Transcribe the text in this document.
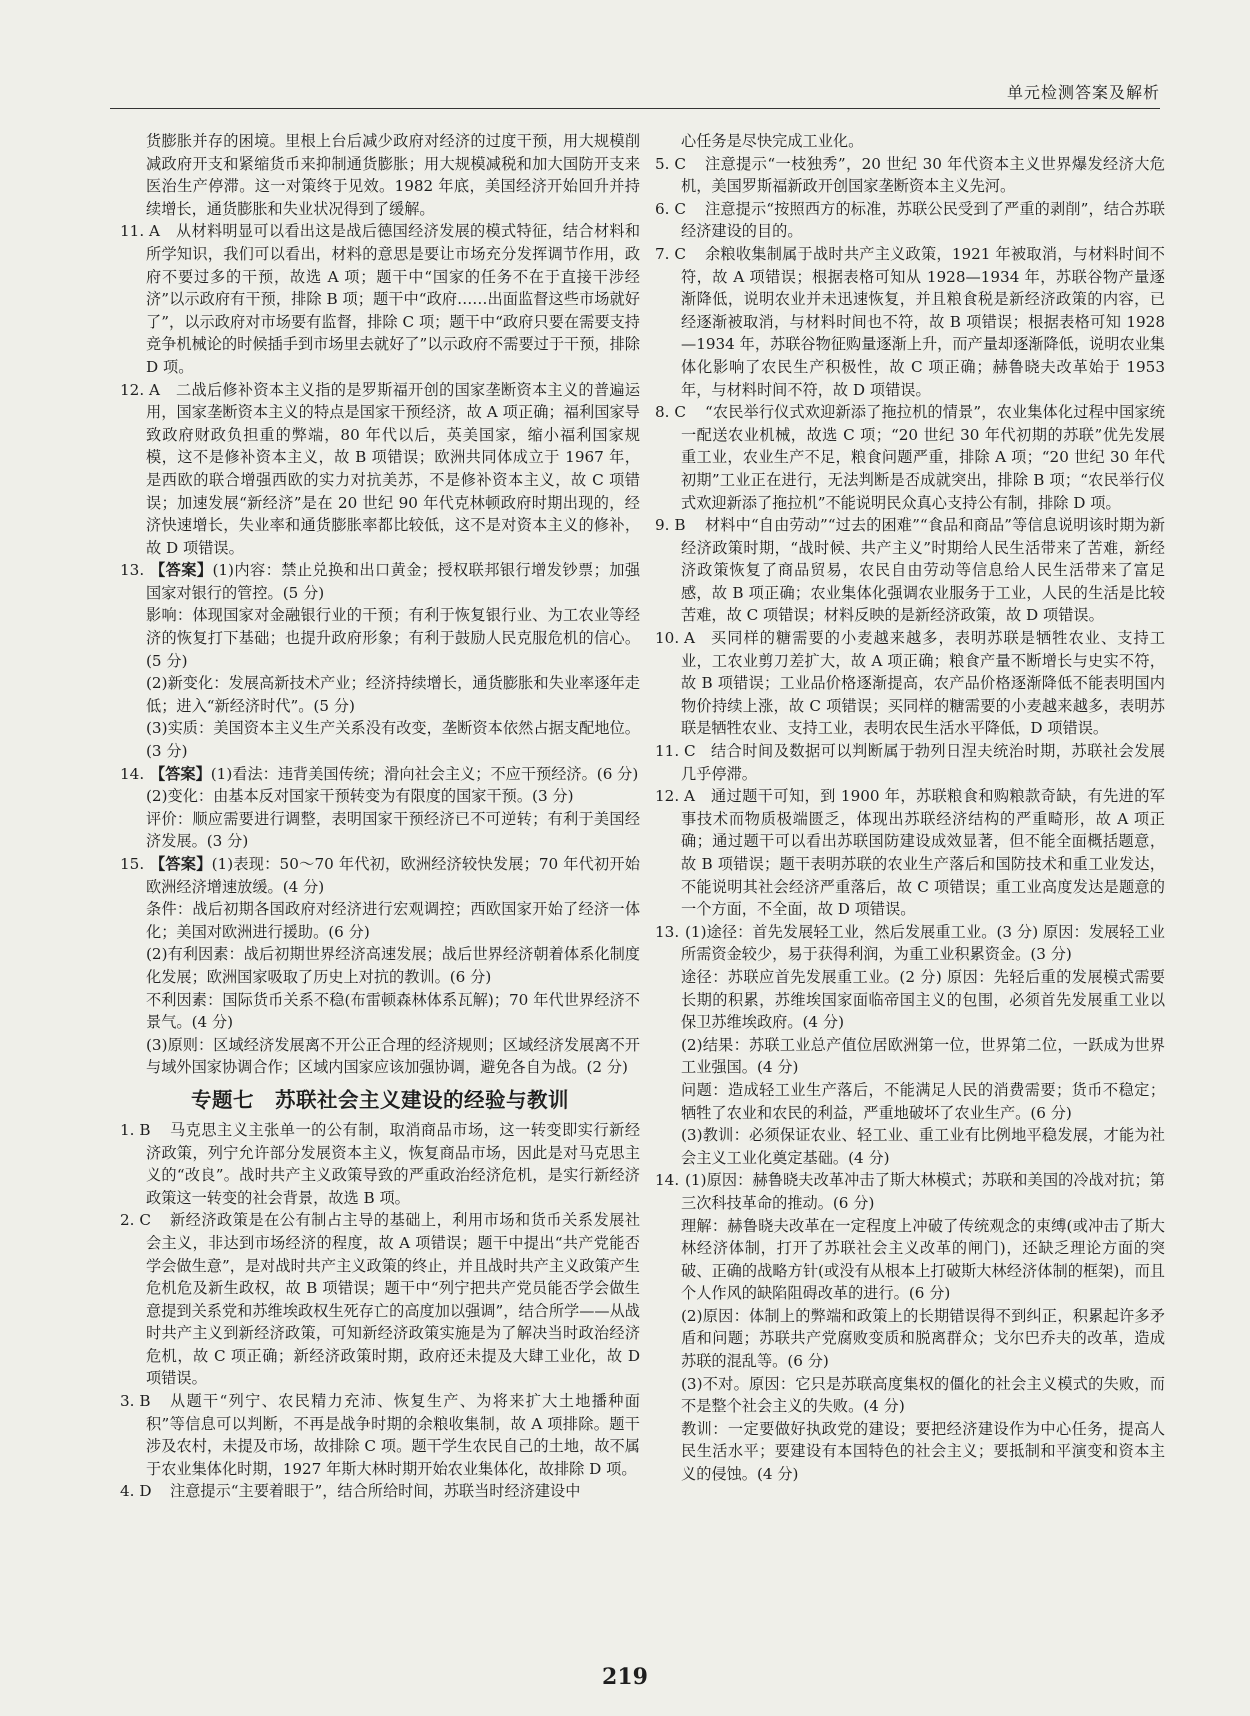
单元检测答案及解析

货膨胀并存的困境。里根上台后减少政府对经济的过度干预，用大规模削减政府开支和紧缩货币来抑制通货膨胀；用大规模减税和加大国防开支来医治生产停滞。这一对策终于见效。1982 年底，美国经济开始回升并持续增长，通货膨胀和失业状况得到了缓解。

11. A 从材料明显可以看出这是战后德国经济发展的模式特征，结合材料和所学知识，我们可以看出，材料的意思是要让市场充分发挥调节作用，政府不要过多的干预，故选 A 项；题干中“国家的任务不在于直接干涉经济”以示政府有干预，排除 B 项；题干中“政府……出面监督这些市场就好了”，以示政府对市场要有监督，排除 C 项；题干中“政府只要在需要支持竞争机械论的时候插手到市场里去就好了”以示政府不需要过于干预，排除 D 项。
12. A 二战后修补资本主义指的是罗斯福开创的国家垄断资本主义的普遍运用，国家垄断资本主义的特点是国家干预经济，故 A 项正确；福利国家导致政府财政负担重的弊端，80 年代以后，英美国家，缩小福利国家规模，这不是修补资本主义，故 B 项错误；欧洲共同体成立于 1967 年，是西欧的联合增强西欧的实力对抗美苏，不是修补资本主义，故 C 项错误；加速发展“新经济”是在 20 世纪 90 年代克林顿政府时期出现的，经济快速增长，失业率和通货膨胀率都比较低，这不是对资本主义的修补，故 D 项错误。
13. 【答案】(1)内容：禁止兑换和出口黄金；授权联邦银行增发钞票；加强国家对银行的管控。(5 分)
影响：体现国家对金融银行业的干预；有利于恢复银行业、为工农业等经济的恢复打下基础；也提升政府形象；有利于鼓励人民克服危机的信心。(5 分)
(2)新变化：发展高新技术产业；经济持续增长，通货膨胀和失业率逐年走低；进入“新经济时代”。(5 分)
(3)实质：美国资本主义生产关系没有改变，垄断资本依然占据支配地位。(3 分)
14. 【答案】(1)看法：违背美国传统；滑向社会主义；不应干预经济。(6 分)
(2)变化：由基本反对国家干预转变为有限度的国家干预。(3 分)
评价：顺应需要进行调整，表明国家干预经济已不可逆转；有利于美国经济发展。(3 分)
15. 【答案】(1)表现：50～70 年代初，欧洲经济较快发展；70 年代初开始欧洲经济增速放缓。(4 分)
条件：战后初期各国政府对经济进行宏观调控；西欧国家开始了经济一体化；美国对欧洲进行援助。(6 分)
(2)有利因素：战后初期世界经济高速发展；战后世界经济朝着体系化制度化发展；欧洲国家吸取了历史上对抗的教训。(6 分)
不利因素：国际货币关系不稳(布雷顿森林体系瓦解)；70 年代世界经济不景气。(4 分)
(3)原则：区域经济发展离不开公正合理的经济规则；区域经济发展离不开与域外国家协调合作；区域内国家应该加强协调，避免各自为战。(2 分)
专题七　苏联社会主义建设的经验与教训
1. B 马克思主义主张单一的公有制，取消商品市场，这一转变即实行新经济政策，列宁允许部分发展资本主义，恢复商品市场，因此是对马克思主义的“改良”。战时共产主义政策导致的严重政治经济危机，是实行新经济政策这一转变的社会背景，故选 B 项。
2. C 新经济政策是在公有制占主导的基础上，利用市场和货币关系发展社会主义，非达到市场经济的程度，故 A 项错误；题干中提出“共产党能否学会做生意”，是对战时共产主义政策的终止，并且战时共产主义政策产生危机危及新生政权，故 B 项错误；题干中“列宁把共产党员能否学会做生意提到关系党和苏维埃政权生死存亡的高度加以强调”，结合所学——从战时共产主义到新经济政策，可知新经济政策实施是为了解决当时政治经济危机，故 C 项正确；新经济政策时期，政府还未提及大肆工业化，故 D 项错误。
3. B 从题干“列宁、农民精力充沛、恢复生产、为将来扩大土地播种面积”等信息可以判断，不再是战争时期的余粮收集制，故 A 项排除。题干涉及农村，未提及市场，故排除 C 项。题干学生农民自己的土地，故不属于农业集体化时期，1927 年斯大林时期开始农业集体化，故排除 D 项。
4. D 注意提示“主要着眼于”，结合所给时间，苏联当时经济建设中

心任务是尽快完成工业化。

5. C 注意提示“一枝独秀”，20 世纪 30 年代资本主义世界爆发经济大危机，美国罗斯福新政开创国家垄断资本主义先河。
6. C 注意提示“按照西方的标准，苏联公民受到了严重的剥削”，结合苏联经济建设的目的。
7. C 余粮收集制属于战时共产主义政策，1921 年被取消，与材料时间不符，故 A 项错误；根据表格可知从 1928—1934 年，苏联谷物产量逐渐降低，说明农业并未迅速恢复，并且粮食税是新经济政策的内容，已经逐渐被取消，与材料时间也不符，故 B 项错误；根据表格可知 1928—1934 年，苏联谷物征购量逐渐上升，而产量却逐渐降低，说明农业集体化影响了农民生产积极性，故 C 项正确；赫鲁晓夫改革始于 1953 年，与材料时间不符，故 D 项错误。
8. C “农民举行仪式欢迎新添了拖拉机的情景”，农业集体化过程中国家统一配送农业机械，故选 C 项；“20 世纪 30 年代初期的苏联”优先发展重工业，农业生产不足，粮食问题严重，排除 A 项；“20 世纪 30 年代初期”工业正在进行，无法判断是否成就突出，排除 B 项；“农民举行仪式欢迎新添了拖拉机”不能说明民众真心支持公有制，排除 D 项。
9. B 材料中“自由劳动”“过去的困难”“食品和商品”等信息说明该时期为新经济政策时期，“战时候、共产主义”时期给人民生活带来了苦难，新经济政策恢复了商品贸易，农民自由劳动等信息给人民生活带来了富足感，故 B 项正确；农业集体化强调农业服务于工业，人民的生活是比较苦难，故 C 项错误；材料反映的是新经济政策，故 D 项错误。
10. A 买同样的糖需要的小麦越来越多，表明苏联是牺牲农业、支持工业，工农业剪刀差扩大，故 A 项正确；粮食产量不断增长与史实不符，故 B 项错误；工业品价格逐渐提高，农产品价格逐渐降低不能表明国内物价持续上涨，故 C 项错误；买同样的糖需要的小麦越来越多，表明苏联是牺牲农业、支持工业，表明农民生活水平降低，D 项错误。
11. C 结合时间及数据可以判断属于勃列日涅夫统治时期，苏联社会发展几乎停滞。
12. A 通过题干可知，到 1900 年，苏联粮食和购粮款奇缺，有先进的军事技术而物质极端匮乏，体现出苏联经济结构的严重畸形，故 A 项正确；通过题干可以看出苏联国防建设成效显著，但不能全面概括题意，故 B 项错误；题干表明苏联的农业生产落后和国防技术和重工业发达，不能说明其社会经济严重落后，故 C 项错误；重工业高度发达是题意的一个方面，不全面，故 D 项错误。
13. (1)途径：首先发展轻工业，然后发展重工业。(3 分) 原因：发展轻工业所需资金较少，易于获得利润，为重工业积累资金。(3 分)
途径：苏联应首先发展重工业。(2 分) 原因：先轻后重的发展模式需要长期的积累，苏维埃国家面临帝国主义的包围，必须首先发展重工业以保卫苏维埃政府。(4 分)
(2)结果：苏联工业总产值位居欧洲第一位，世界第二位，一跃成为世界工业强国。(4 分)
问题：造成轻工业生产落后，不能满足人民的消费需要；货币不稳定；牺牲了农业和农民的利益，严重地破坏了农业生产。(6 分)
(3)教训：必须保证农业、轻工业、重工业有比例地平稳发展，才能为社会主义工业化奠定基础。(4 分)
14. (1)原因：赫鲁晓夫改革冲击了斯大林模式；苏联和美国的冷战对抗；第三次科技革命的推动。(6 分)
理解：赫鲁晓夫改革在一定程度上冲破了传统观念的束缚(或冲击了斯大林经济体制，打开了苏联社会主义改革的闸门)，还缺乏理论方面的突破、正确的战略方针(或没有从根本上打破斯大林经济体制的框架)，而且个人作风的缺陷阻碍改革的进行。(6 分)
(2)原因：体制上的弊端和政策上的长期错误得不到纠正，积累起许多矛盾和问题；苏联共产党腐败变质和脱离群众；戈尔巴乔夫的改革，造成苏联的混乱等。(6 分)
(3)不对。原因：它只是苏联高度集权的僵化的社会主义模式的失败，而不是整个社会主义的失败。(4 分)
教训：一定要做好执政党的建设；要把经济建设作为中心任务，提高人民生活水平；要建设有本国特色的社会主义；要抵制和平演变和资本主义的侵蚀。(4 分)
219
